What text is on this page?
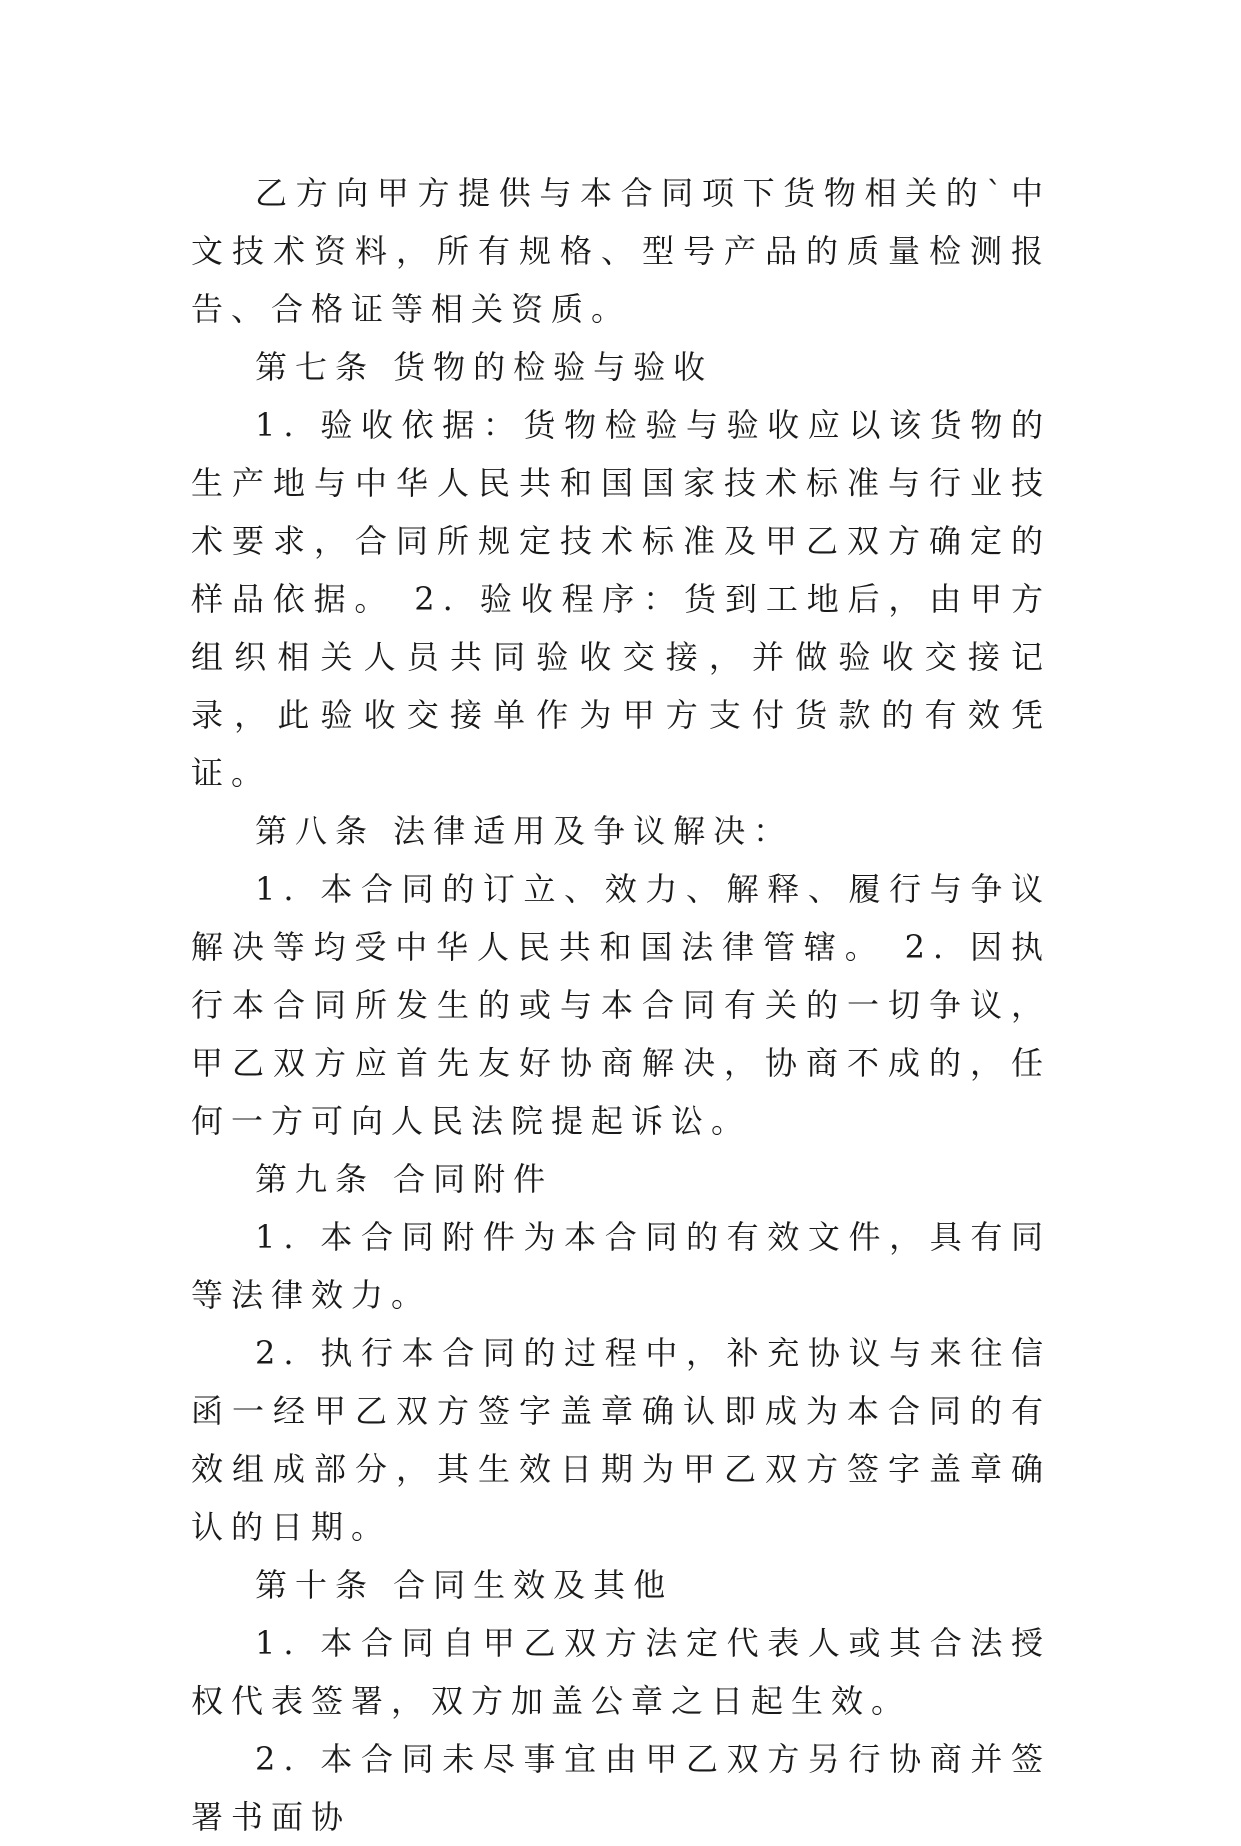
乙方向甲方提供与本合同项下货物相关的`中文技术资料，所有规格、型号产品的质量检测报告、合格证等相关资质。

第七条 货物的检验与验收

1. 验收依据：货物检验与验收应以该货物的生产地与中华人民共和国国家技术标准与行业技术要求，合同所规定技术标准及甲乙双方确定的样品依据。 2. 验收程序：货到工地后，由甲方组织相关人员共同验收交接，并做验收交接记录，此验收交接单作为甲方支付货款的有效凭证。

第八条 法律适用及争议解决：

1. 本合同的订立、效力、解释、履行与争议解决等均受中华人民共和国法律管辖。 2. 因执行本合同所发生的或与本合同有关的一切争议，甲乙双方应首先友好协商解决，协商不成的，任何一方可向人民法院提起诉讼。

第九条 合同附件

1. 本合同附件为本合同的有效文件，具有同等法律效力。

2. 执行本合同的过程中，补充协议与来往信函一经甲乙双方签字盖章确认即成为本合同的有效组成部分，其生效日期为甲乙双方签字盖章确认的日期。

第十条 合同生效及其他

1. 本合同自甲乙双方法定代表人或其合法授权代表签署，双方加盖公章之日起生效。

2. 本合同未尽事宜由甲乙双方另行协商并签署书面协
